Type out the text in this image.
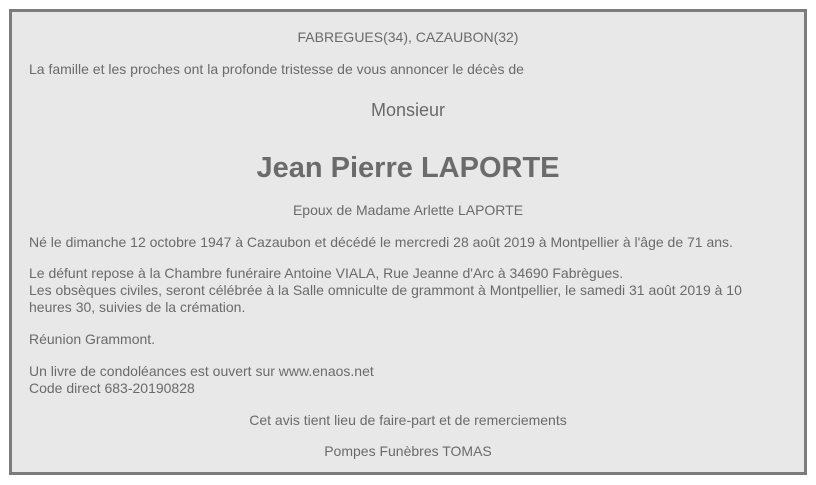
FABREGUES(34), CAZAUBON(32)
La famille et les proches ont la profonde tristesse de vous annoncer le décès de
Monsieur
Jean Pierre LAPORTE
Epoux de Madame Arlette LAPORTE
Né le dimanche 12 octobre 1947 à Cazaubon et décédé le mercredi 28 août 2019 à Montpellier à l'âge de 71 ans.
Le défunt repose à la Chambre funéraire Antoine VIALA, Rue Jeanne d'Arc à 34690 Fabrègues.
Les obsèques civiles, seront célébrée à la Salle omniculte de grammont à Montpellier, le samedi 31 août 2019 à 10
heures 30, suivies de la crémation.
Réunion Grammont.
Un livre de condoléances est ouvert sur www.enaos.net
Code direct 683-20190828
Cet avis tient lieu de faire-part et de remerciements
Pompes Funèbres TOMAS
